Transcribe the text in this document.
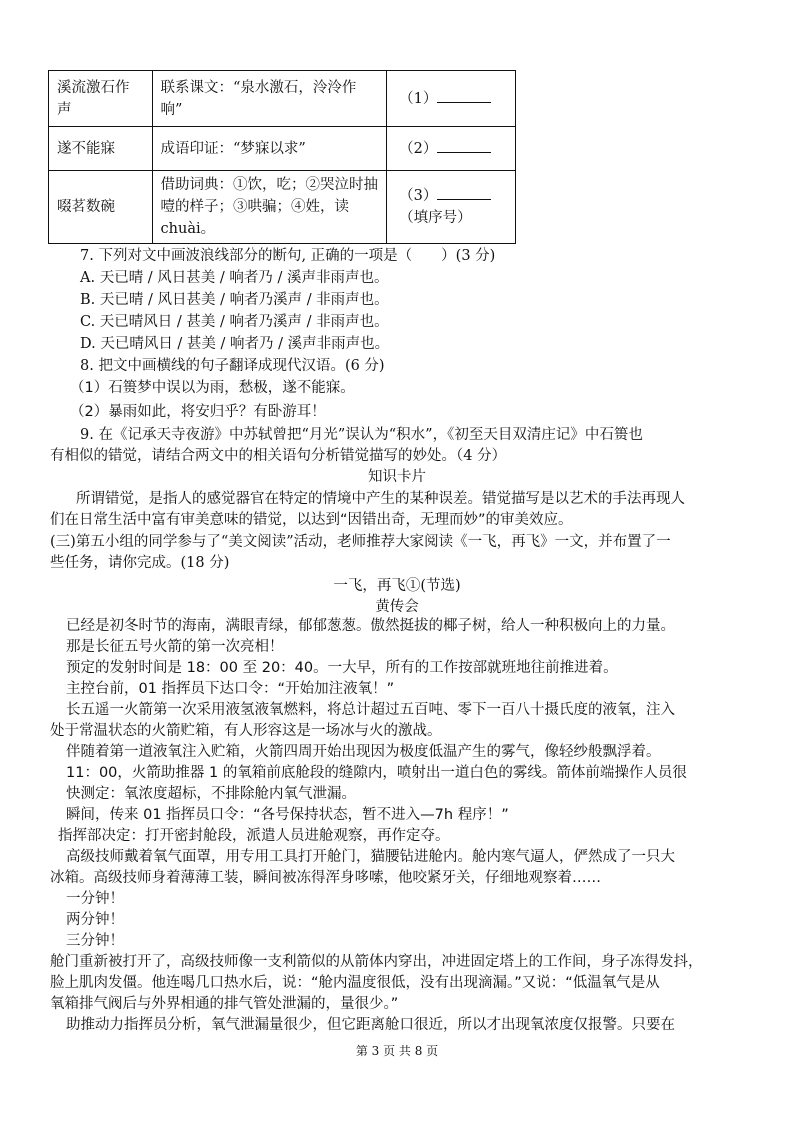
溪流激石作声	联系课文：“泉水激石，泠泠作响”	（1）
遂不能寐	成语印证：“梦寐以求”	（2）
啜茗数碗	借助词典：①饮，吃；②哭泣时抽噎的样子；③哄骗；④姓，读chuài。	（3）
（填序号）
7. 下列对文中画波浪线部分的断句, 正确的一项是（　　）(3 分)
A. 天已晴 / 风日甚美 / 响者乃 / 溪声非雨声也。
B. 天已晴 / 风日甚美 / 响者乃溪声 / 非雨声也。
C. 天已晴风日 / 甚美 / 响者乃溪声 / 非雨声也。
D. 天已晴风日 / 甚美 / 响者乃 / 溪声非雨声也。
8. 把文中画横线的句子翻译成现代汉语。(6 分)
（1）石篑梦中误以为雨，愁极，遂不能寐。
（2）暴雨如此，将安归乎？有卧游耳！
9. 在《记承天寺夜游》中苏轼曾把“月光”误认为“积水”，《初至天目双清庄记》中石篑也
有相似的错觉，请结合两文中的相关语句分析错觉描写的妙处。（4 分）
知识卡片
所谓错觉，是指人的感觉器官在特定的情境中产生的某种误差。错觉描写是以艺术的手法再现人
们在日常生活中富有审美意味的错觉，以达到“因错出奇，无理而妙”的审美效应。
(三)第五小组的同学参与了“美文阅读”活动，老师推荐大家阅读《一飞，再飞》一文，并布置了一
些任务，请你完成。(18 分)
一飞，再飞①(节选)
黄传会
已经是初冬时节的海南，满眼青绿，郁郁葱葱。傲然挺拔的椰子树，给人一种积极向上的力量。
那是长征五号火箭的第一次亮相！
预定的发射时间是 18：00 至 20：40。一大早，所有的工作按部就班地往前推进着。
主控台前，01 指挥员下达口令：“开始加注液氧！”
长五遥一火箭第一次采用液氢液氧燃料，将总计超过五百吨、零下一百八十摄氏度的液氧，注入
处于常温状态的火箭贮箱，有人形容这是一场冰与火的激战。
伴随着第一道液氧注入贮箱，火箭四周开始出现因为极度低温产生的雾气，像轻纱般飘浮着。
11：00，火箭助推器 1 的氧箱前底舱段的缝隙内，喷射出一道白色的雾线。箭体前端操作人员很
快测定：氧浓度超标，不排除舱内氧气泄漏。
瞬间，传来 01 指挥员口令：“各号保持状态，暂不进入—7h 程序！”
指挥部决定：打开密封舱段，派遣人员进舱观察，再作定夺。
高级技师戴着氧气面罩，用专用工具打开舱门，猫腰钻进舱内。舱内寒气逼人，俨然成了一只大
冰箱。高级技师身着薄薄工装，瞬间被冻得浑身哆嗦，他咬紧牙关，仔细地观察着……
一分钟！
两分钟！
三分钟！
舱门重新被打开了，高级技师像一支利箭似的从箭体内穿出，冲进固定塔上的工作间，身子冻得发抖，
脸上肌肉发僵。他连喝几口热水后，说：“舱内温度很低，没有出现滴漏。”又说：“低温氧气是从
氧箱排气阀后与外界相通的排气管处泄漏的，量很少。”
助推动力指挥员分析，氧气泄漏量很少，但它距离舱口很近，所以才出现氧浓度仅报警。只要在
第 3 页 共 8 页
